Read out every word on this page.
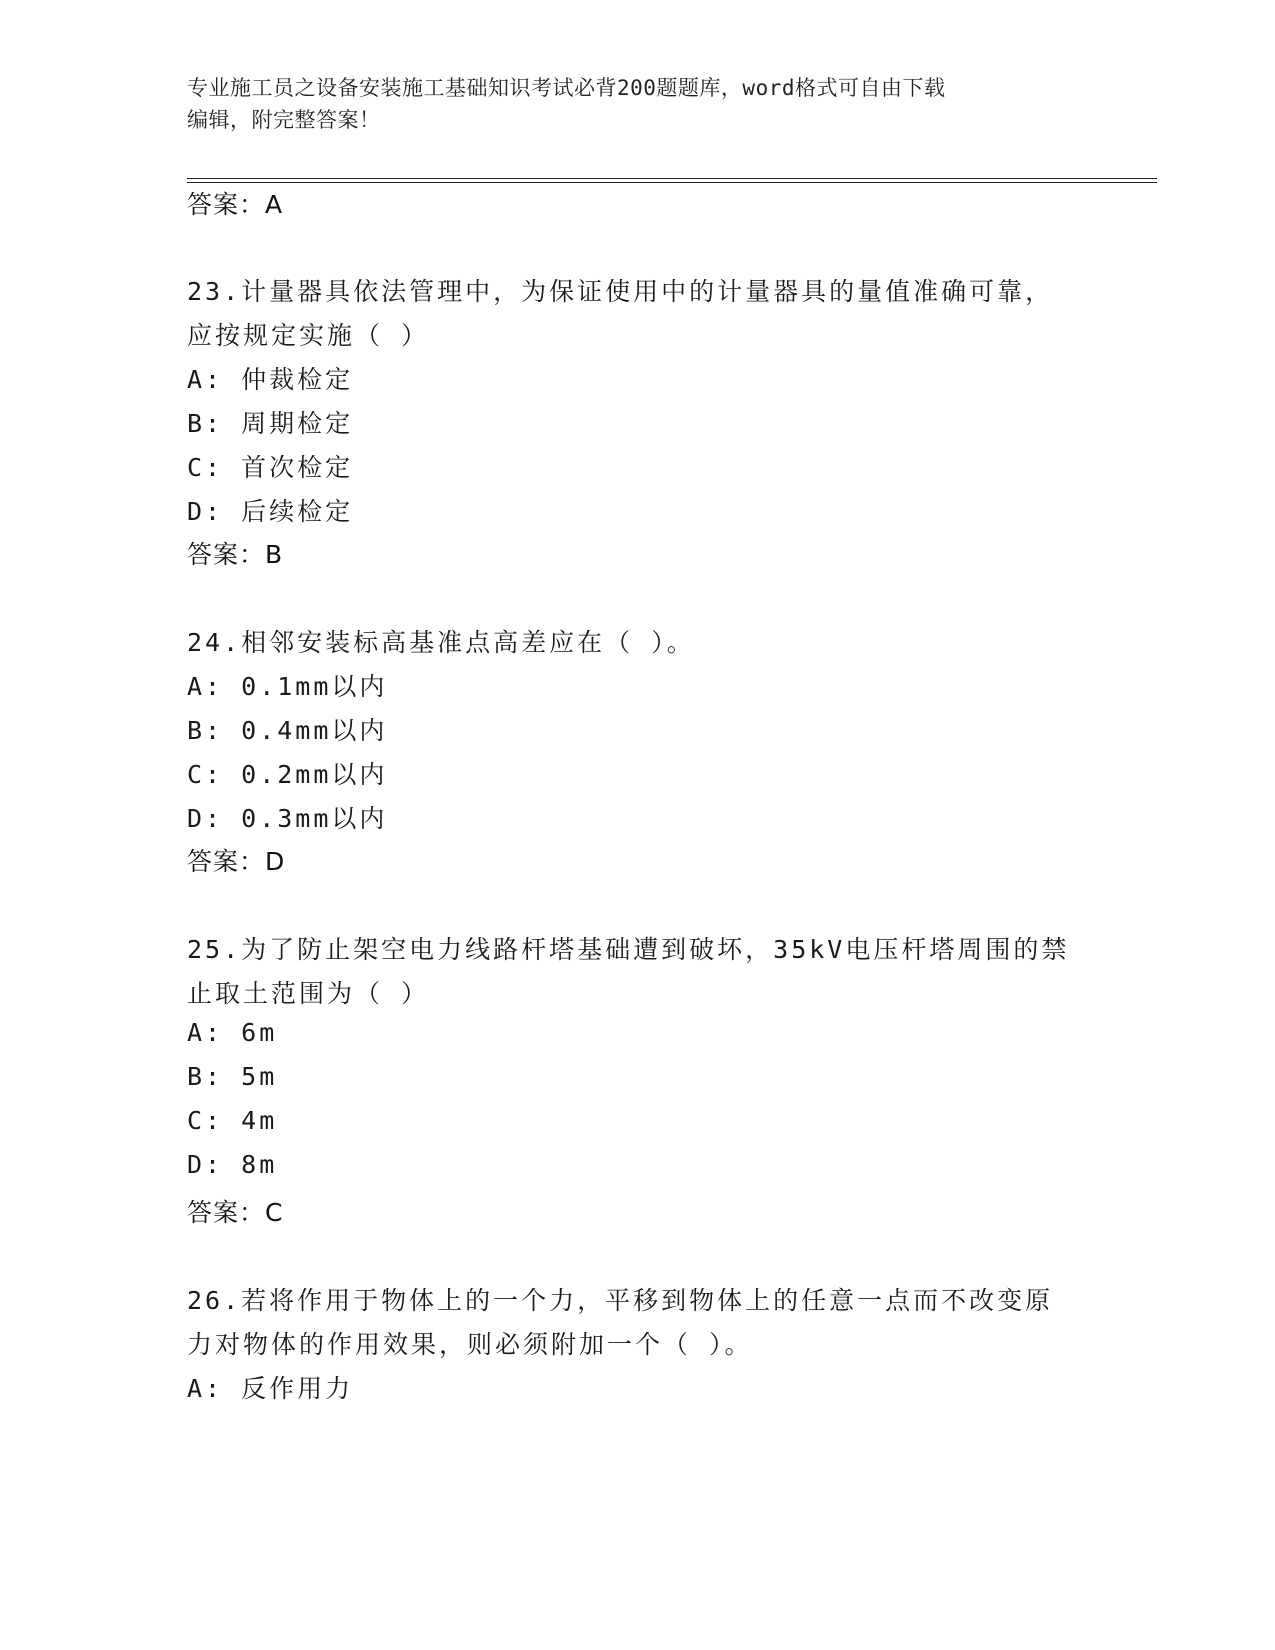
专业施工员之设备安装施工基础知识考试必背200题题库，word格式可自由下载
编辑，附完整答案！
答案：A
23.计量器具依法管理中，为保证使用中的计量器具的量值准确可靠，
应按规定实施（ ）
A: 仲裁检定
B: 周期检定
C: 首次检定
D: 后续检定
答案：B
24.相邻安装标高基准点高差应在（ ）。
A: 0.1mm以内
B: 0.4mm以内
C: 0.2mm以内
D: 0.3mm以内
答案：D
25.为了防止架空电力线路杆塔基础遭到破坏，35kV电压杆塔周围的禁
止取土范围为（ ）
A: 6m
B: 5m
C: 4m
D: 8m
答案：C
26.若将作用于物体上的一个力，平移到物体上的任意一点而不改变原
力对物体的作用效果，则必须附加一个（ ）。
A: 反作用力
